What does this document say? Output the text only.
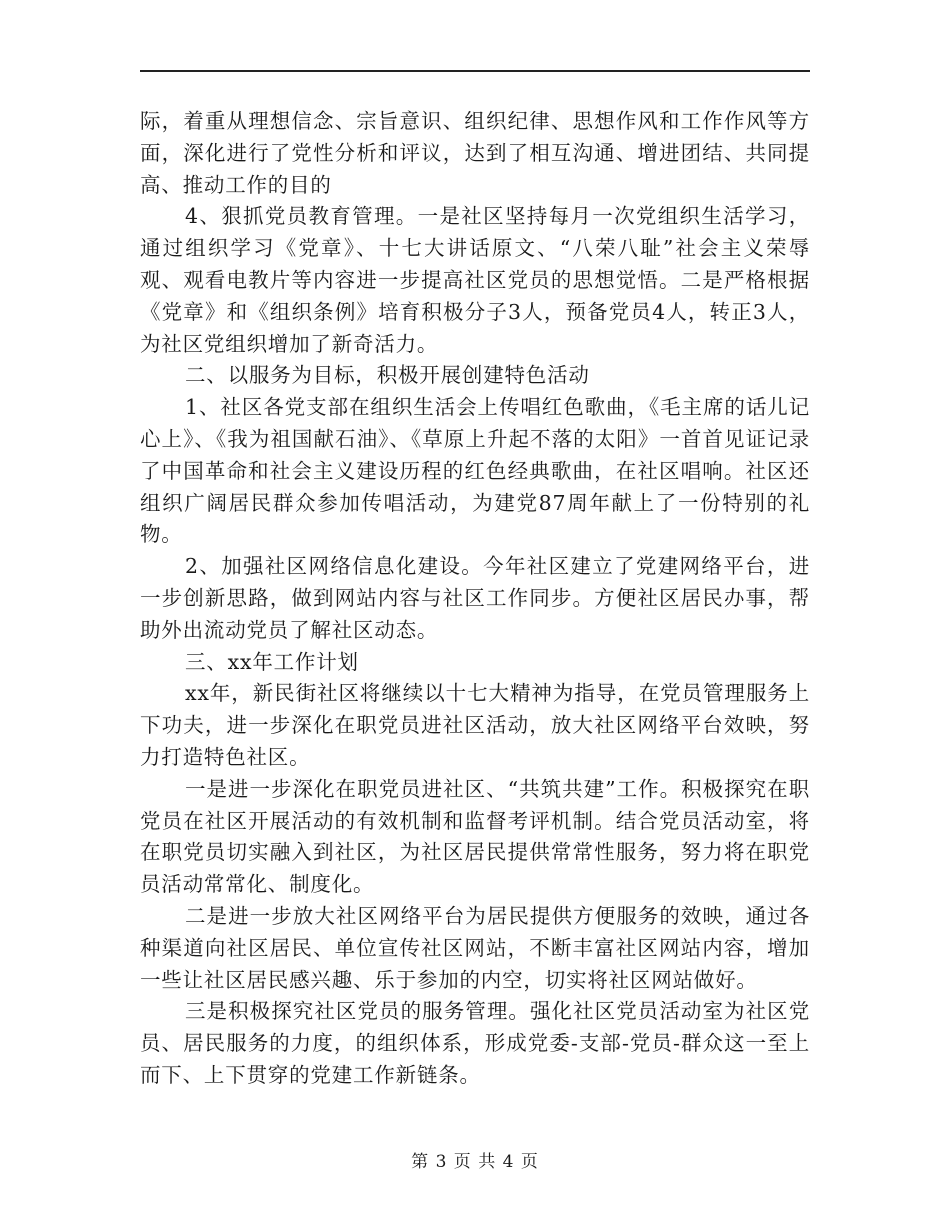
际，着重从理想信念、宗旨意识、组织纪律、思想作风和工作作风等方面，深化进行了党性分析和评议，达到了相互沟通、增进团结、共同提高、推动工作的目的

4、狠抓党员教育管理。一是社区坚持每月一次党组织生活学习，通过组织学习《党章》、十七大讲话原文、“八荣八耻”社会主义荣辱观、观看电教片等内容进一步提高社区党员的思想觉悟。二是严格根据《党章》和《组织条例》培育积极分子3人，预备党员4人，转正3人，为社区党组织增加了新奇活力。

二、以服务为目标，积极开展创建特色活动

1、社区各党支部在组织生活会上传唱红色歌曲，《毛主席的话儿记心上》、《我为祖国献石油》、《草原上升起不落的太阳》一首首见证记录了中国革命和社会主义建设历程的红色经典歌曲，在社区唱响。社区还组织广阔居民群众参加传唱活动，为建党87周年献上了一份特别的礼物。

2、加强社区网络信息化建设。今年社区建立了党建网络平台，进一步创新思路，做到网站内容与社区工作同步。方便社区居民办事，帮助外出流动党员了解社区动态。

三、xx年工作计划

xx年，新民街社区将继续以十七大精神为指导，在党员管理服务上下功夫，进一步深化在职党员进社区活动，放大社区网络平台效映，努力打造特色社区。

一是进一步深化在职党员进社区、“共筑共建”工作。积极探究在职党员在社区开展活动的有效机制和监督考评机制。结合党员活动室，将在职党员切实融入到社区，为社区居民提供常常性服务，努力将在职党员活动常常化、制度化。

二是进一步放大社区网络平台为居民提供方便服务的效映，通过各种渠道向社区居民、单位宣传社区网站，不断丰富社区网站内容，增加一些让社区居民感兴趣、乐于参加的内空，切实将社区网站做好。

三是积极探究社区党员的服务管理。强化社区党员活动室为社区党员、居民服务的力度，的组织体系，形成党委-支部-党员-群众这一至上而下、上下贯穿的党建工作新链条。

第 3 页 共 4 页
